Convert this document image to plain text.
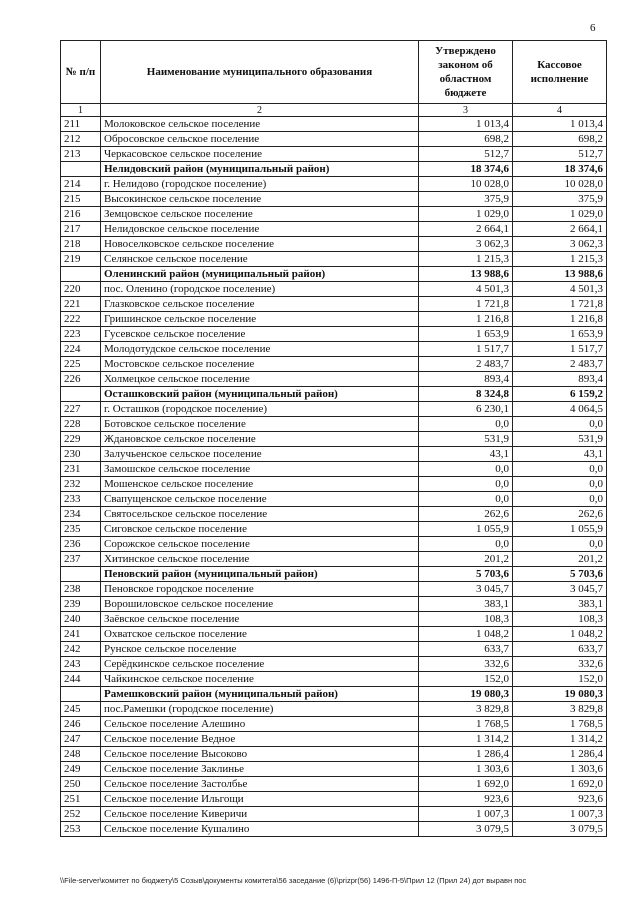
6
№ п/п	Наименование муниципального образования	Утверждено законом об областном бюджете	Кассовое исполнение
1	2	3	4
211	Молоковское сельское поселение	1 013,4	1 013,4
212	Обросовское сельское поселение	698,2	698,2
213	Черкасовское сельское поселение	512,7	512,7
	Нелидовский район (муниципальный район)	18 374,6	18 374,6
214	г. Нелидово (городское поселение)	10 028,0	10 028,0
215	Высокинское сельское поселение	375,9	375,9
216	Земцовское сельское поселение	1 029,0	1 029,0
217	Нелидовское сельское поселение	2 664,1	2 664,1
218	Новоселковское сельское поселение	3 062,3	3 062,3
219	Селянское сельское поселение	1 215,3	1 215,3
	Оленинский район (муниципальный район)	13 988,6	13 988,6
220	пос. Оленино (городское поселение)	4 501,3	4 501,3
221	Глазковское сельское поселение	1 721,8	1 721,8
222	Гришинское сельское поселение	1 216,8	1 216,8
223	Гусевское сельское поселение	1 653,9	1 653,9
224	Молодотудское сельское поселение	1 517,7	1 517,7
225	Мостовское сельское поселение	2 483,7	2 483,7
226	Холмецкое сельское поселение	893,4	893,4
	Осташковский район (муниципальный район)	8 324,8	6 159,2
227	г. Осташков (городское поселение)	6 230,1	4 064,5
228	Ботовское сельское поселение	0,0	0,0
229	Ждановское сельское поселение	531,9	531,9
230	Залучьенское сельское поселение	43,1	43,1
231	Замошское сельское поселение	0,0	0,0
232	Мошенское сельское поселение	0,0	0,0
233	Свапущенское сельское поселение	0,0	0,0
234	Святосельское сельское поселение	262,6	262,6
235	Сиговское сельское поселение	1 055,9	1 055,9
236	Сорожское сельское поселение	0,0	0,0
237	Хитинское сельское поселение	201,2	201,2
	Пеновский район (муниципальный район)	5 703,6	5 703,6
238	Пеновское городское поселение	3 045,7	3 045,7
239	Ворошиловское сельское поселение	383,1	383,1
240	Заёвское сельское поселение	108,3	108,3
241	Охватское сельское поселение	1 048,2	1 048,2
242	Рунское сельское поселение	633,7	633,7
243	Серёдкинское сельское поселение	332,6	332,6
244	Чайкинское сельское поселение	152,0	152,0
	Рамешковский район (муниципальный район)	19 080,3	19 080,3
245	пос.Рамешки (городское поселение)	3 829,8	3 829,8
246	Сельское поселение Алешино	1 768,5	1 768,5
247	Сельское поселение Ведное	1 314,2	1 314,2
248	Сельское поселение Высоково	1 286,4	1 286,4
249	Сельское поселение Заклинье	1 303,6	1 303,6
250	Сельское поселение Застолбье	1 692,0	1 692,0
251	Сельское поселение Ильгощи	923,6	923,6
252	Сельское поселение Киверичи	1 007,3	1 007,3
253	Сельское поселение Кушалино	3 079,5	3 079,5
\\File-server\комитет по бюджету\5 Созыв\документы комитета\56 заседание (6)\prizpr(56) 1496-П-5\Прил 12 (Прил 24) дот выравн пос
